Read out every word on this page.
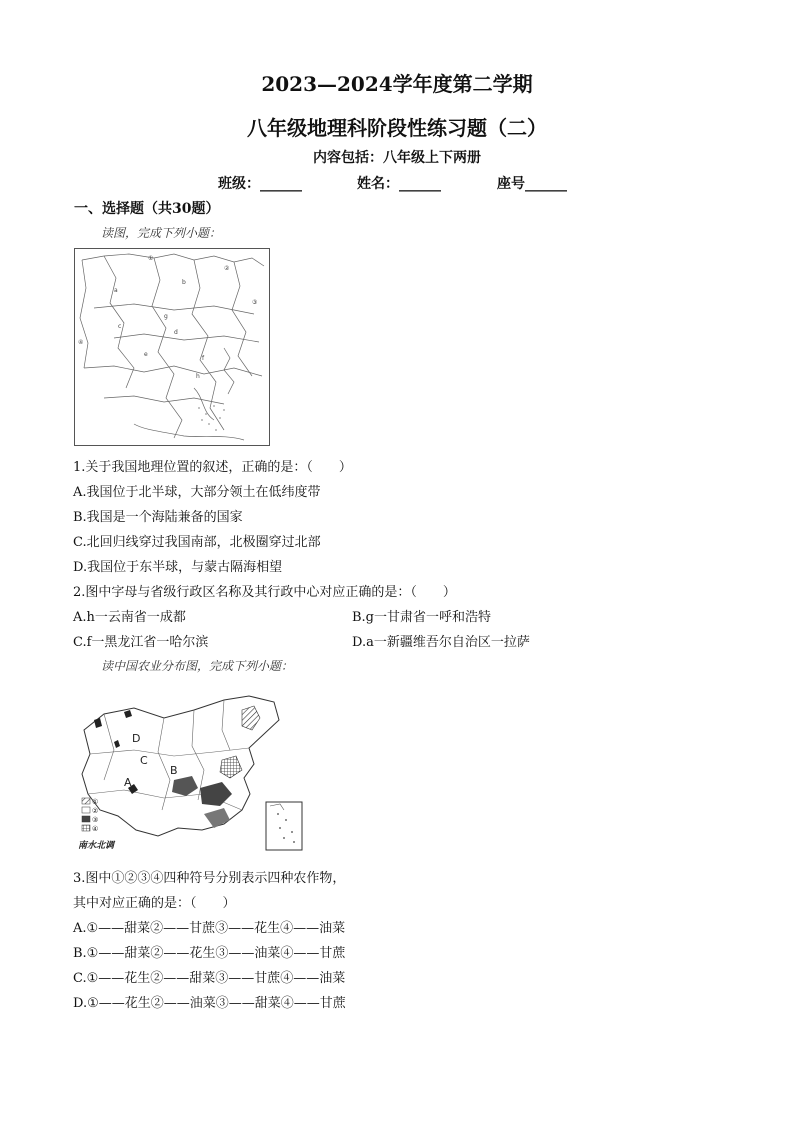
2023—2024学年度第二学期
八年级地理科阶段性练习题（二）
内容包括：八年级上下两册
班级：______	姓名：______	座号______
一、选择题（共30题）
读图，完成下列小题：
①
②
③
④
a
b
c
d
e
f
g
h
1.关于我国地理位置的叙述，正确的是：（　　）
A.我国位于北半球，大部分领土在低纬度带
B.我国是一个海陆兼备的国家
C.北回归线穿过我国南部，北极圈穿过北部
D.我国位于东半球，与蒙古隔海相望
2.图中字母与省级行政区名称及其行政中心对应正确的是：（　　）
A.h一云南省一成都	B.g一甘肃省一呼和浩特
C.f一黑龙江省一哈尔滨	D.a一新疆维吾尔自治区一拉萨
读中国农业分布图，完成下列小题：
D
C
A
B
①
②
③
④
南水北调
3.图中①②③④四种符号分别表示四种农作物，
其中对应正确的是：（　　）
A.①——甜菜②——甘蔗③——花生④——油菜
B.①——甜菜②——花生③——油菜④——甘蔗
C.①——花生②——甜菜③——甘蔗④——油菜
D.①——花生②——油菜③——甜菜④——甘蔗
